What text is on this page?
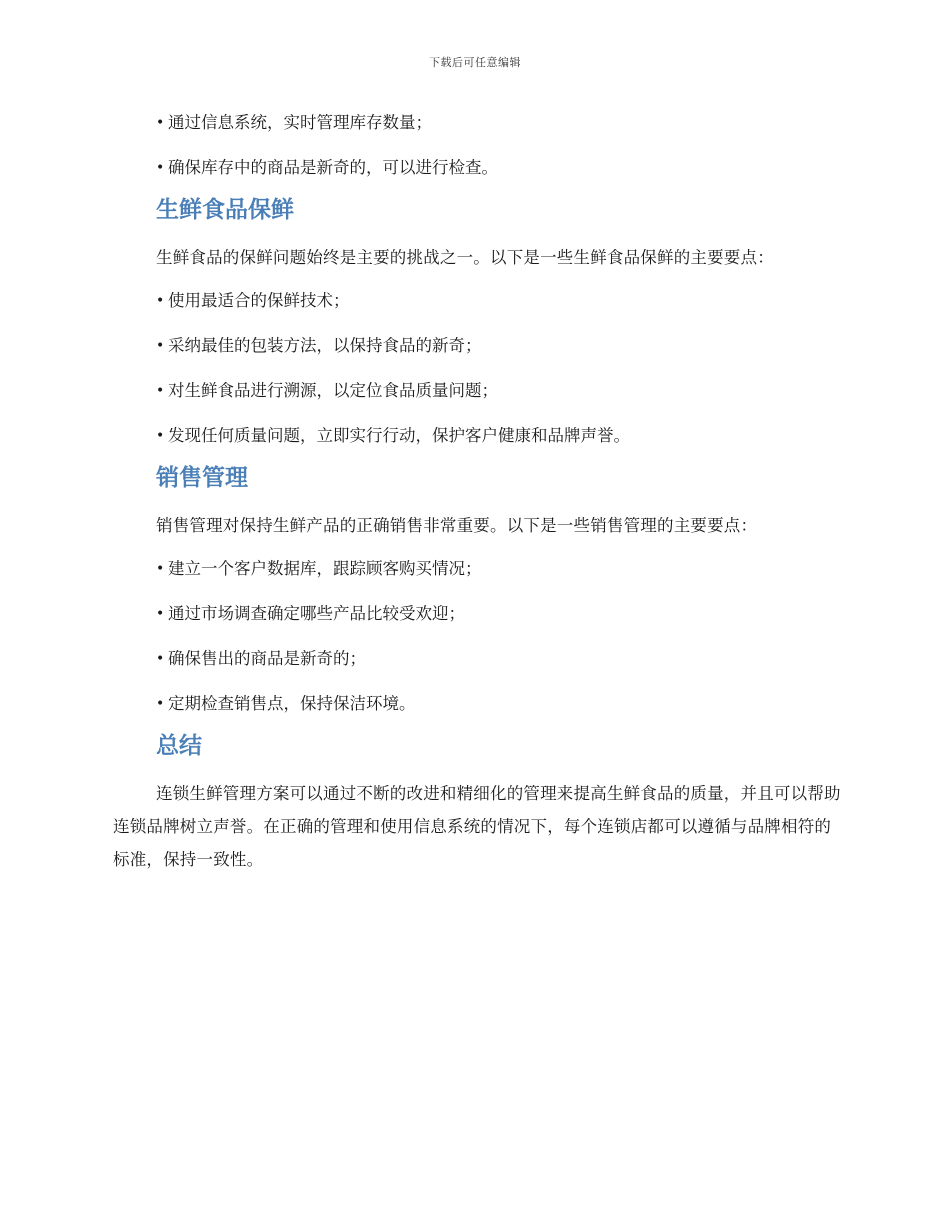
下载后可任意编辑
• 通过信息系统，实时管理库存数量；
• 确保库存中的商品是新奇的，可以进行检查。
生鲜食品保鲜
生鲜食品的保鲜问题始终是主要的挑战之一。以下是一些生鲜食品保鲜的主要要点：
• 使用最适合的保鲜技术；
• 采纳最佳的包装方法，以保持食品的新奇；
• 对生鲜食品进行溯源，以定位食品质量问题；
• 发现任何质量问题，立即实行行动，保护客户健康和品牌声誉。
销售管理
销售管理对保持生鲜产品的正确销售非常重要。以下是一些销售管理的主要要点：
• 建立一个客户数据库，跟踪顾客购买情况；
• 通过市场调查确定哪些产品比较受欢迎；
• 确保售出的商品是新奇的；
• 定期检查销售点，保持保洁环境。
总结
连锁生鲜管理方案可以通过不断的改进和精细化的管理来提高生鲜食品的质量，并且可以帮助连锁品牌树立声誉。在正确的管理和使用信息系统的情况下，每个连锁店都可以遵循与品牌相符的标准，保持一致性。
